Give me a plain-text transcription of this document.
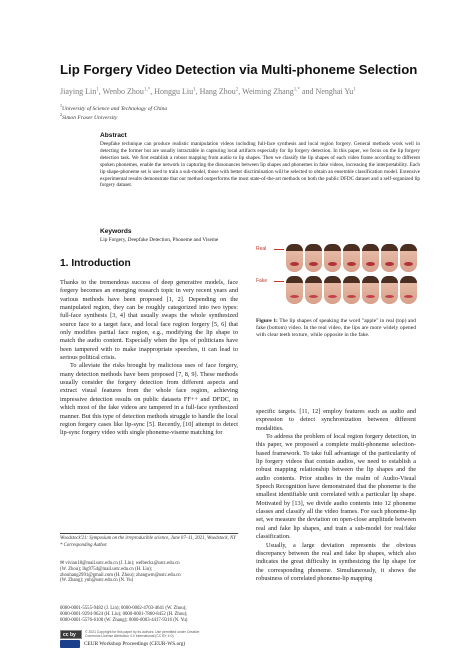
Lip Forgery Video Detection via Multi-phoneme Selection
Jiaying Lin$^1$, Wenbo Zhou$^{1,*}$, Honggu Liu$^1$, Hang Zhou$^2$, Weiming Zhang$^{1,*}$ and Nenghai Yu$^1$
$^1$University of Science and Technology of China
$^2$Simon Fraser University
Abstract
Deepfake technique can produce realistic manipulation videos including full-face synthesis and local region forgery. General methods work well in detecting the former but are usually intractable in capturing local artifacts especially for lip forgery detection. In this paper, we focus on the lip forgery detection task. We first establish a robust mapping from audio to lip shapes. Then we classify the lip shapes of each video frame according to different spoken phonemes, enable the network in capturing the dissonances between lip shapes and phonemes in fake videos, increasing the interpretability. Each lip shape-phoneme set is used to train a sub-model, those with better discrimination will be selected to obtain an ensemble classification model. Extensive experimental results demonstrate that our method outperforms the most state-of-the-art methods on both the public DFDC dataset and a self-organized lip forgery dataset.
Keywords
Lip Forgery, Deepfake Detection, Phoneme and Viseme
1. Introduction

Thanks to the tremendous success of deep generative models, face forgery becomes an emerging research topic in very recent years and various methods have been proposed [1, 2]. Depending on the manipulated region, they can be roughly categorized into two types: full-face synthesis [3, 4] that usually swaps the whole synthesized source face to a target face, and local face region forgery [5, 6] that only modifies partial face region, e.g., modifying the lip shape to match the audio content. Especially when the lips of politicians have been tampered with to make inappropriate speeches, it can lead to serious political crisis.

To alleviate the risks brought by malicious uses of face forgery, many detection methods have been proposed [7, 8, 9]. These methods usually consider the forgery detection from different aspects and extract visual features from the whole face region, achieving impressive detection results on public datasets FF++ and DFDC, in which most of the fake videos are tampered in a full-face synthesized manner. But this type of detection methods struggle to handle the local region forgery cases like lip-sync [5]. Recently, [10] attempt to detect lip-sync forgery video with single phoneme-viseme matching for

Real
Fake
Figure 1: The lip shapes of speaking the word "apple" in real (top) and fake (bottom) video. In the real video, the lips are more widely opened with clear teeth texture, while opposite in the fake.

specific targets. [11, 12] employ features such as audio and expression to detect synchronization between different modalities.

To address the problem of local region forgery detection, in this paper, we proposed a complete multi-phoneme selection-based framework. To take full advantage of the particularity of lip forgery videos that contain audios, we need to establish a robust mapping relationship between the lip shapes and the audio contents. Prior studies in the realm of Audio-Visual Speech Recognition have demonstrated that the phoneme is the smallest identifiable unit correlated with a particular lip shape. Motivated by [13], we divide audio contents into 12 phoneme classes and classify all the video frames. For each phoneme-lip set, we measure the deviation on open-close amplitude between real and fake lip shapes, and train a sub-model for real/fake classification.

Usually, a large deviation represents the obvious discrepancy between the real and fake lip shapes, which also indicates the great difficulty in synthesizing the lip shape for the corresponding phoneme. Simultaneously, it shows the robustness of correlated phoneme-lip mapping

Woodstock'21: Symposium on the irreproducible science, June 07–11, 2021, Woodstock, NY
* Corresponding Author.
✉ vivian18@mail.ustc.edu.cn (J. Lin); welbeckz@ustc.edu.cn
(W. Zhou); lhg9754@mail.ustc.edu.cn (H. Liu);
zhouhang2991@gmail.com (H. Zhou); zhangwm@ustc.edu.cn
(W. Zhang); ynh@ustc.edu.cn (N. Yu)
0000-0001-5555-9482 (J. Lin); 0000-0002-4703-4641 (W. Zhou);
0000-0001-9294-9624 (H. Liu); 0000-0001-7860-8452 (H. Zhou);
0000-0001-5576-6108 (W. Zhang); 0000-0003-4417-9316 (N. Yu)
cc by	© 2021 Copyright for this paper by its authors. Use permitted under Creative
Commons License Attribution 4.0 International (CC BY 4.0).
CEUR Workshop Proceedings (CEUR-WS.org)
